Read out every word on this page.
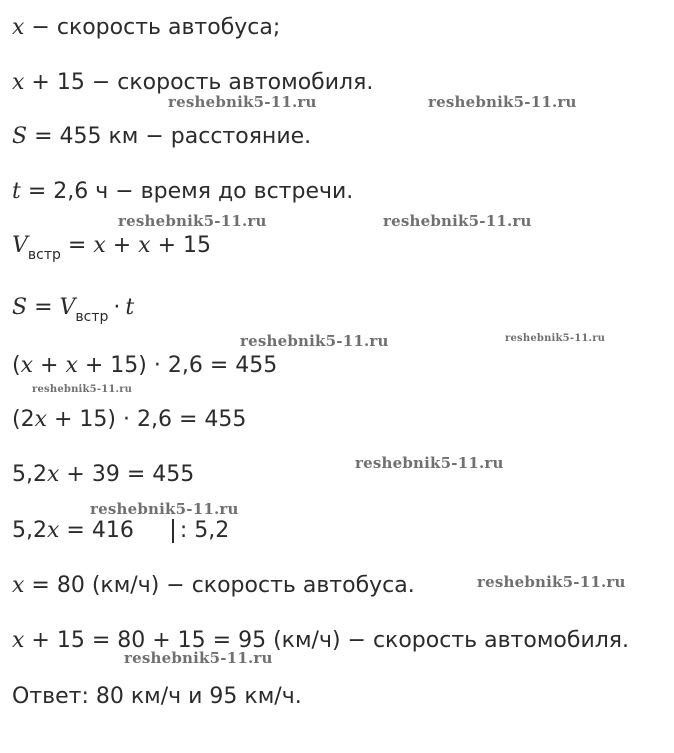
x − скорость автобуса;
x + 15 − скорость автомобиля.
S = 455 км − расстояние.
t = 2,6 ч − время до встречи.
$V_{встр} = x + x + 15$
$S = V_{встр} \cdot t$
(x + x + 15) · 2,6 = 455
(2x + 15) · 2,6 = 455
5,2x + 39 = 455
5,2x = 416 : 5,2
x = 80 (км/ч) − скорость автобуса.
x + 15 = 80 + 15 = 95 (км/ч) − скорость автомобиля.
Ответ: 80 км/ч и 95 км/ч.
reshebnik5-11.ru	reshebnik5-11.ru
reshebnik5-11.ru	reshebnik5-11.ru
reshebnik5-11.ru	reshebnik5-11.ru
reshebnik5-11.ru
reshebnik5-11.ru
reshebnik5-11.ru
reshebnik5-11.ru
reshebnik5-11.ru
